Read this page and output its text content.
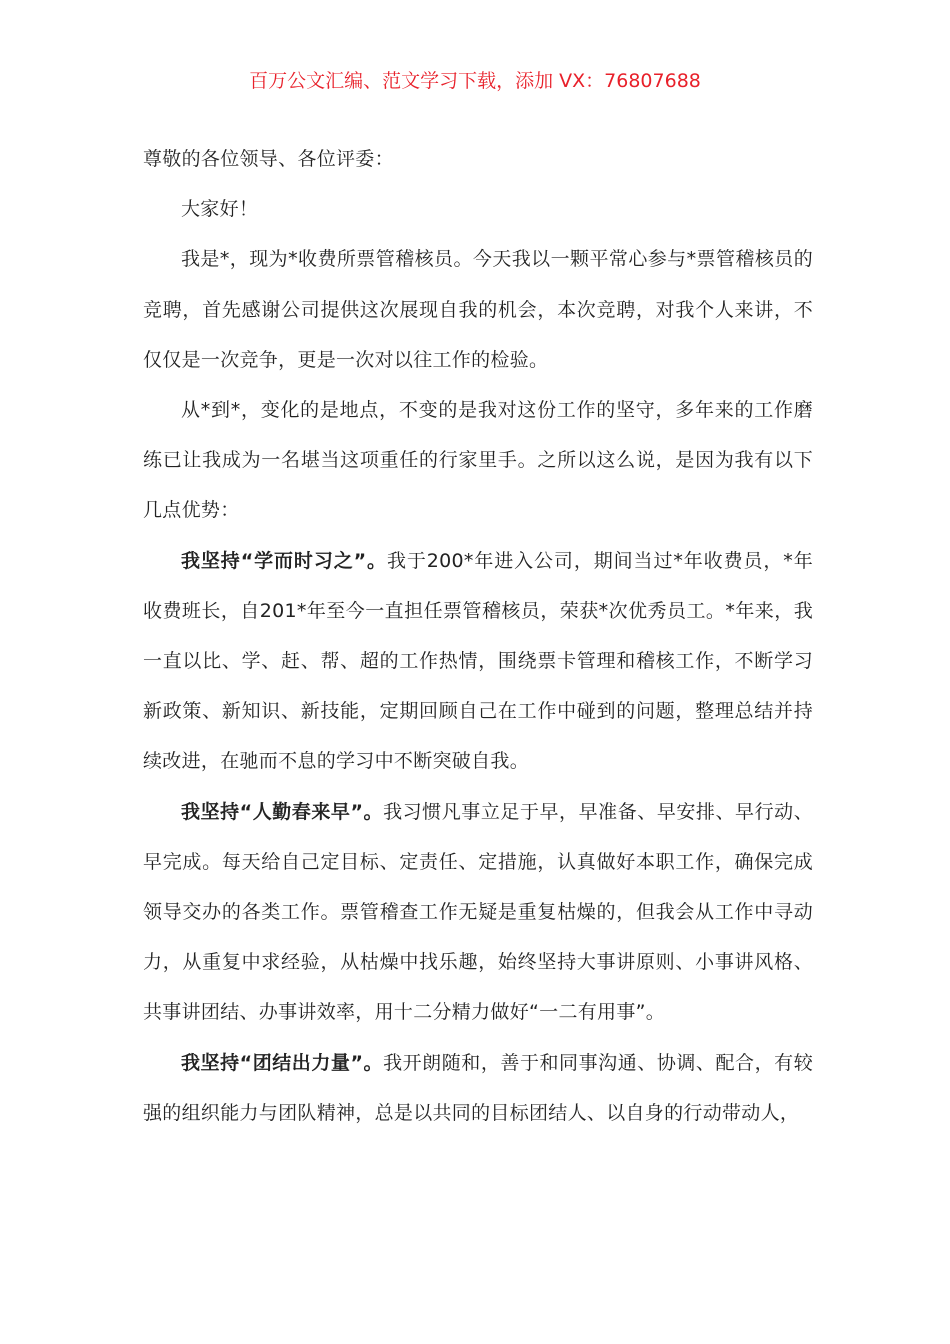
百万公文汇编、范文学习下载，添加 VX：76807688

尊敬的各位领导、各位评委：

大家好！

我是*，现为*收费所票管稽核员。今天我以一颗平常心参与*票管稽核员的竞聘，首先感谢公司提供这次展现自我的机会，本次竞聘，对我个人来讲，不仅仅是一次竞争，更是一次对以往工作的检验。

从*到*，变化的是地点，不变的是我对这份工作的坚守，多年来的工作磨练已让我成为一名堪当这项重任的行家里手。之所以这么说，是因为我有以下几点优势：

我坚持“学而时习之”。我于200*年进入公司，期间当过*年收费员，*年收费班长，自201*年至今一直担任票管稽核员，荣获*次优秀员工。*年来，我一直以比、学、赶、帮、超的工作热情，围绕票卡管理和稽核工作，不断学习新政策、新知识、新技能，定期回顾自己在工作中碰到的问题，整理总结并持续改进，在驰而不息的学习中不断突破自我。

我坚持“人勤春来早”。我习惯凡事立足于早，早准备、早安排、早行动、早完成。每天给自己定目标、定责任、定措施，认真做好本职工作，确保完成领导交办的各类工作。票管稽查工作无疑是重复枯燥的，但我会从工作中寻动力，从重复中求经验，从枯燥中找乐趣，始终坚持大事讲原则、小事讲风格、共事讲团结、办事讲效率，用十二分精力做好“一二有用事”。

我坚持“团结出力量”。我开朗随和，善于和同事沟通、协调、配合，有较强的组织能力与团队精神，总是以共同的目标团结人、以自身的行动带动人，
